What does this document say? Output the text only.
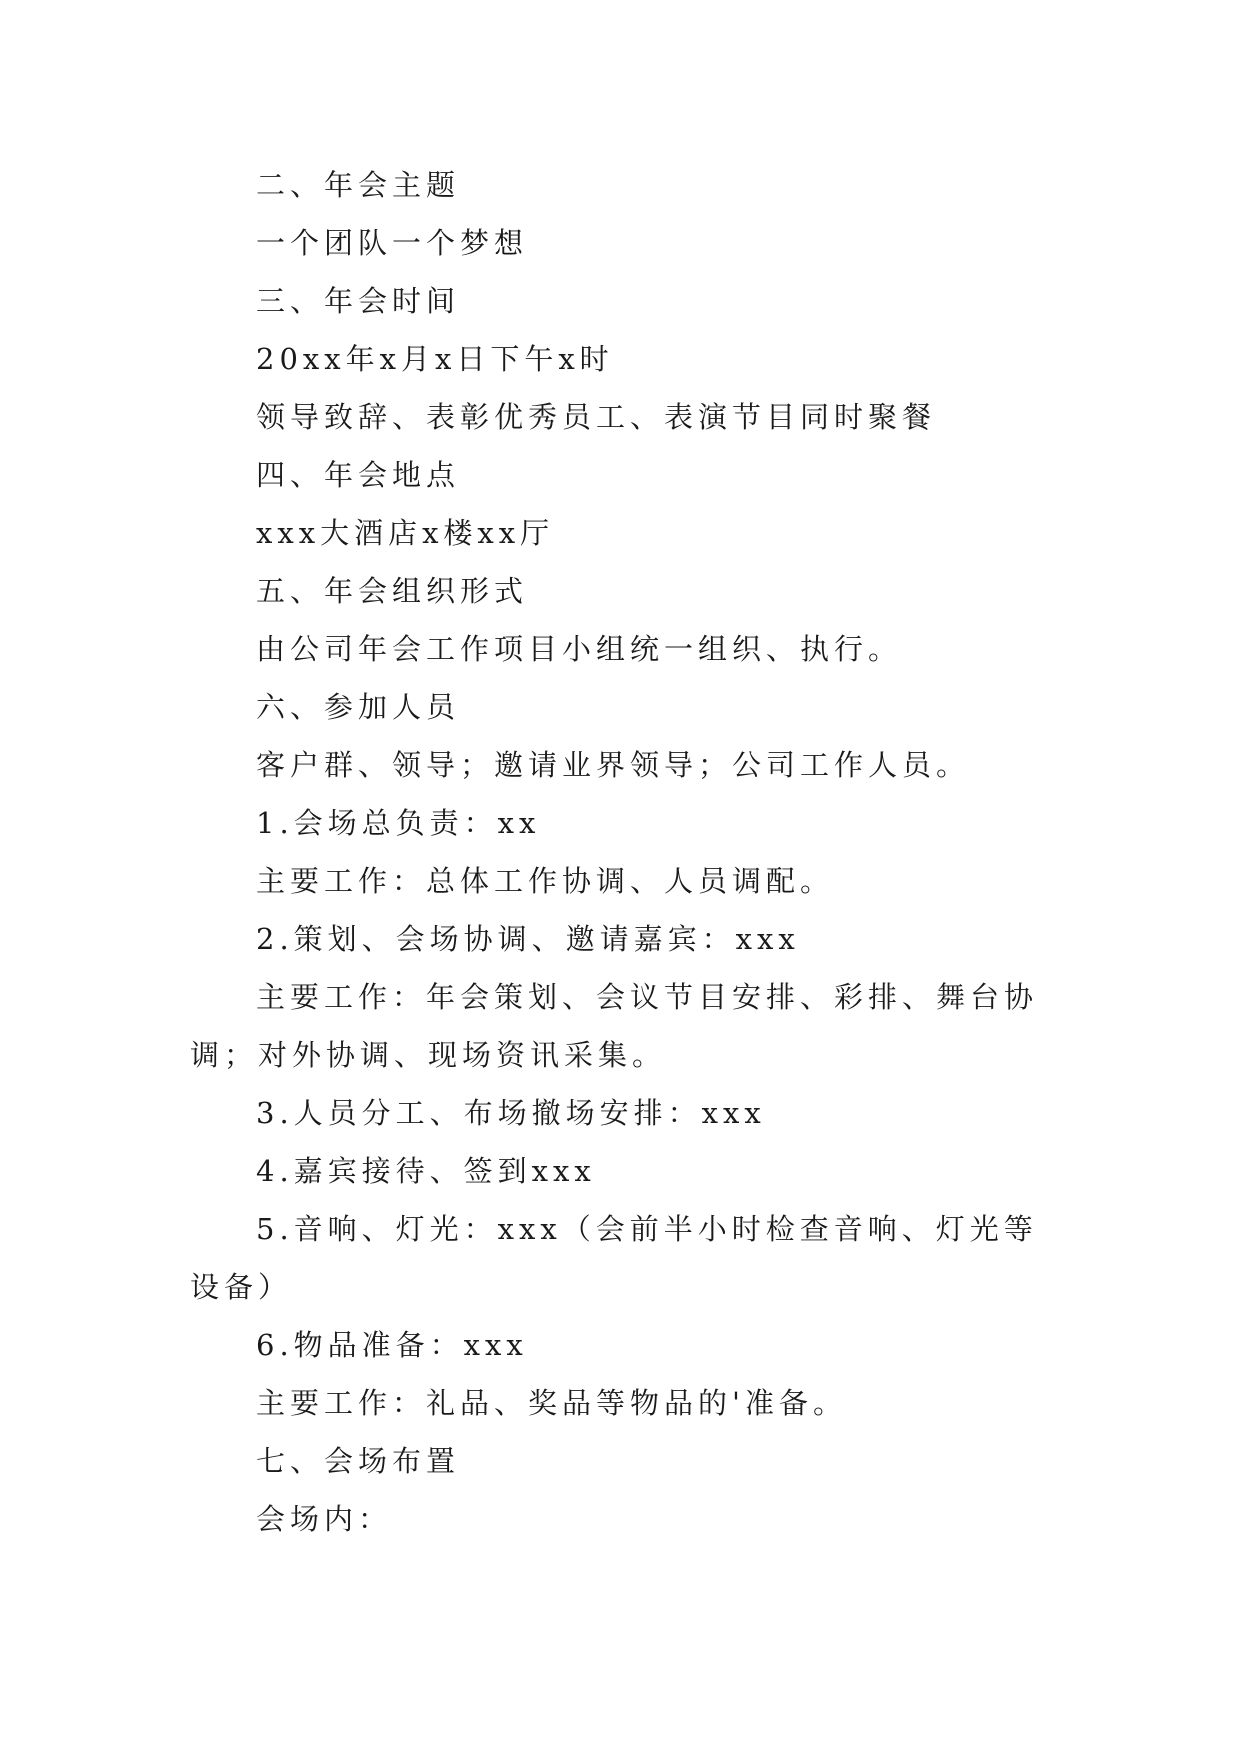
二、年会主题

一个团队一个梦想

三、年会时间

20xx年x月x日下午x时

领导致辞、表彰优秀员工、表演节目同时聚餐

四、年会地点

xxx大酒店x楼xx厅

五、年会组织形式

由公司年会工作项目小组统一组织、执行。

六、参加人员

客户群、领导；邀请业界领导；公司工作人员。

1.会场总负责：xx

主要工作：总体工作协调、人员调配。

2.策划、会场协调、邀请嘉宾：xxx

主要工作：年会策划、会议节目安排、彩排、舞台协调；对外协调、现场资讯采集。

3.人员分工、布场撤场安排：xxx

4.嘉宾接待、签到xxx

5.音响、灯光：xxx（会前半小时检查音响、灯光等设备）

6.物品准备：xxx

主要工作：礼品、奖品等物品的'准备。

七、会场布置

会场内：
